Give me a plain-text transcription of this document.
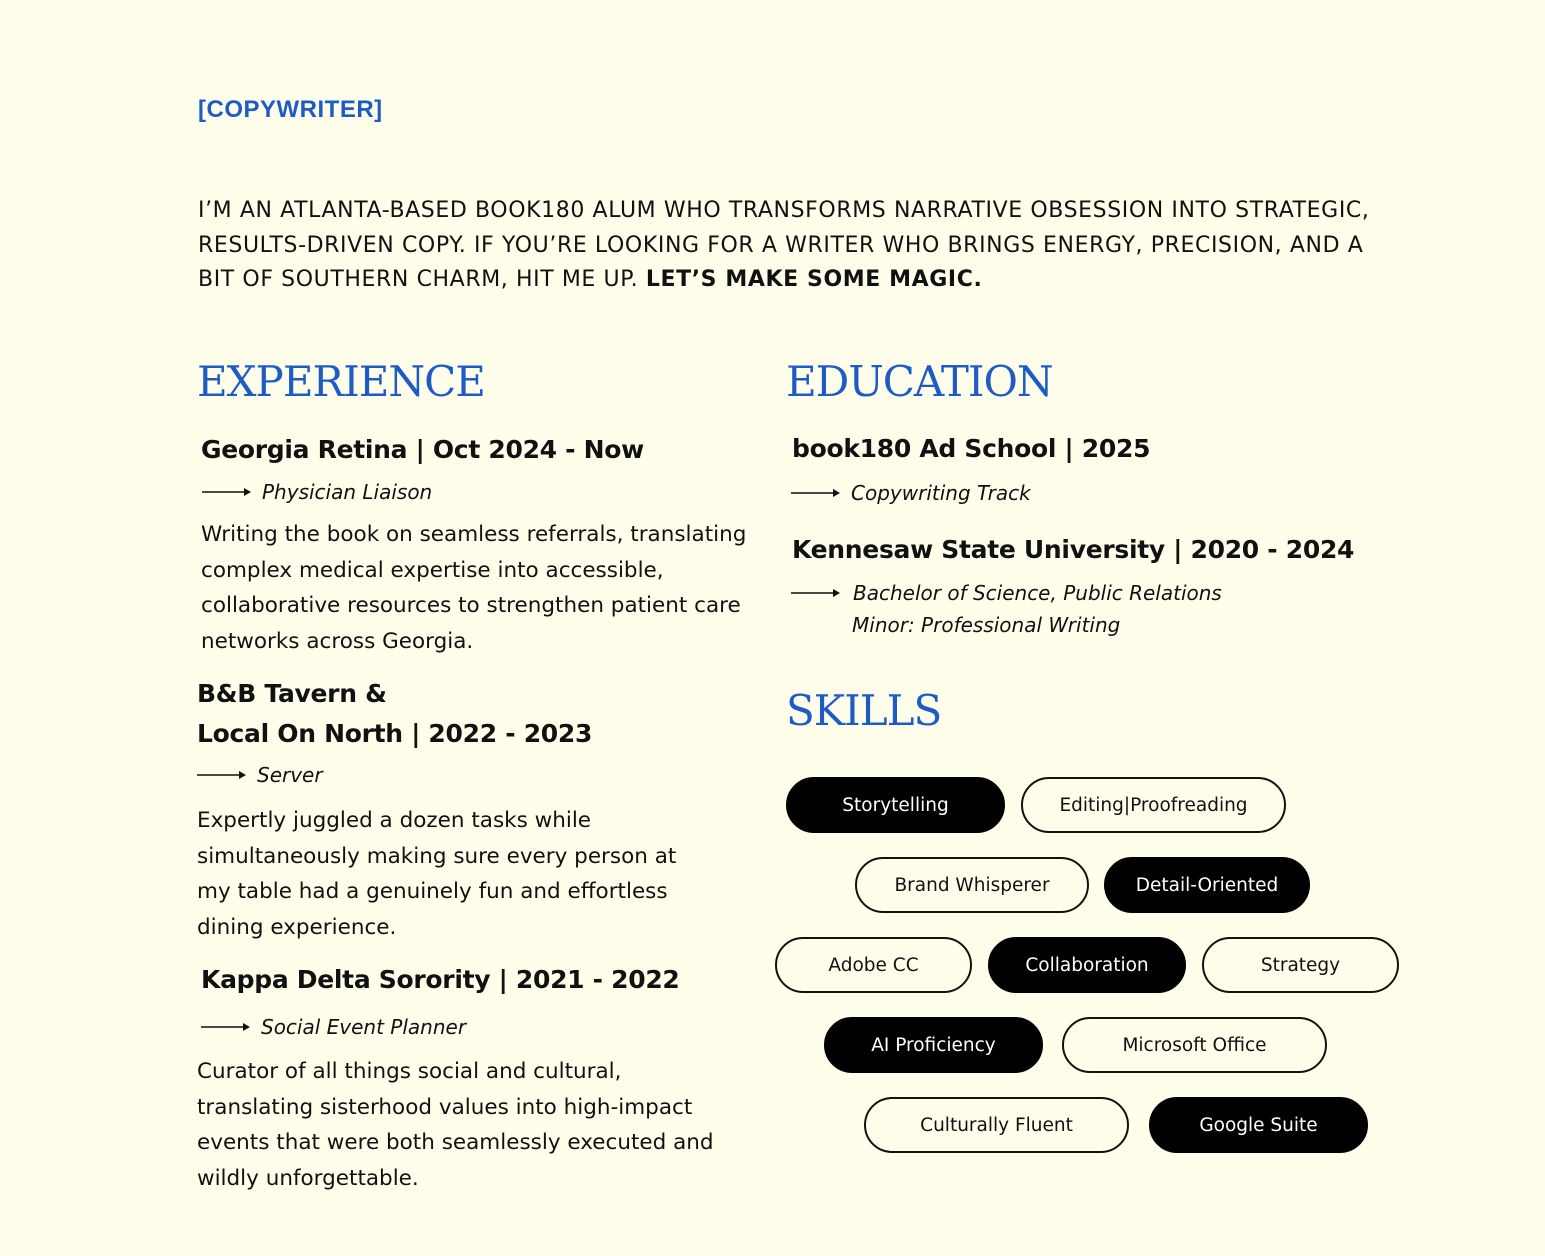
[COPYWRITER]
I’M AN ATLANTA-BASED BOOK180 ALUM WHO TRANSFORMS NARRATIVE OBSESSION INTO STRATEGIC, RESULTS-DRIVEN COPY. IF YOU’RE LOOKING FOR A WRITER WHO BRINGS ENERGY, PRECISION, AND A BIT OF SOUTHERN CHARM, HIT ME UP. LET’S MAKE SOME MAGIC.
EXPERIENCE
Georgia Retina | Oct 2024 - Now
Physician Liaison
Writing the book on seamless referrals, translating complex medical expertise into accessible, collaborative resources to strengthen patient care networks across Georgia.
B&B Tavern &
Local On North | 2022 - 2023
Server
Expertly juggled a dozen tasks while simultaneously making sure every person at my table had a genuinely fun and effortless dining experience.
Kappa Delta Sorority | 2021 - 2022
Social Event Planner
Curator of all things social and cultural, translating sisterhood values into high-impact events that were both seamlessly executed and wildly unforgettable.
EDUCATION
book180 Ad School | 2025
Copywriting Track
Kennesaw State University | 2020 - 2024
Bachelor of Science, Public Relations
Minor: Professional Writing
SKILLS
Storytelling	Editing|Proofreading
Brand Whisperer	Detail-Oriented
Adobe CC	Collaboration	Strategy
AI Proficiency	Microsoft Office
Culturally Fluent	Google Suite
